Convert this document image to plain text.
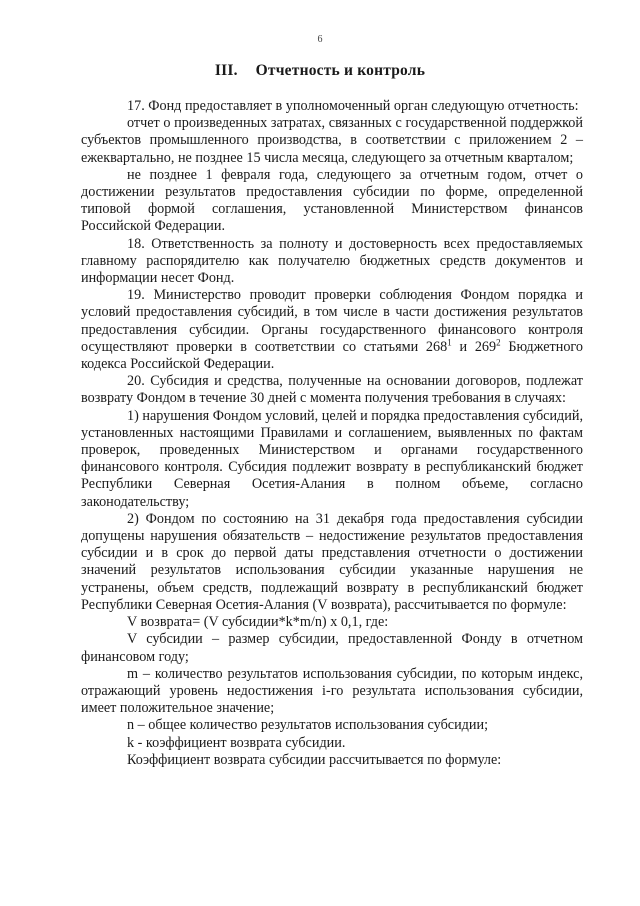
6
III. Отчетность и контроль

17. Фонд предоставляет в уполномоченный орган следующую отчетность:

отчет о произведенных затратах, связанных с государственной поддержкой субъектов промышленного производства, в соответствии с приложением 2 – ежеквартально, не позднее 15 числа месяца, следующего за отчетным кварталом;

не позднее 1 февраля года, следующего за отчетным годом, отчет о достижении результатов предоставления субсидии по форме, определенной типовой формой соглашения, установленной Министерством финансов Российской Федерации.

18. Ответственность за полноту и достоверность всех предоставляемых главному распорядителю как получателю бюджетных средств документов и информации несет Фонд.

19. Министерство проводит проверки соблюдения Фондом порядка и условий предоставления субсидий, в том числе в части достижения результатов предоставления субсидии. Органы государственного финансового контроля осуществляют проверки в соответствии со статьями $268^1$ и $269^2$ Бюджетного кодекса Российской Федерации.

20. Субсидия и средства, полученные на основании договоров, подлежат возврату Фондом в течение 30 дней с момента получения требования в случаях:

1) нарушения Фондом условий, целей и порядка предоставления субсидий, установленных настоящими Правилами и соглашением, выявленных по фактам проверок, проведенных Министерством и органами государственного финансового контроля. Субсидия подлежит возврату в республиканский бюджет Республики Северная Осетия-Алания в полном объеме, согласно законодательству;

2) Фондом по состоянию на 31 декабря года предоставления субсидии допущены нарушения обязательств – недостижение результатов предоставления субсидии и в срок до первой даты представления отчетности о достижении значений результатов использования субсидии указанные нарушения не устранены, объем средств, подлежащий возврату в республиканский бюджет Республики Северная Осетия-Алания (V возврата), рассчитывается по формуле:

V возврата= (V субсидии*k*m/n) х 0,1, где:

V субсидии – размер субсидии, предоставленной Фонду в отчетном финансовом году;

m – количество результатов использования субсидии, по которым индекс, отражающий уровень недостижения i-го результата использования субсидии, имеет положительное значение;

n – общее количество результатов использования субсидии;

k - коэффициент возврата субсидии.

Коэффициент возврата субсидии рассчитывается по формуле:
